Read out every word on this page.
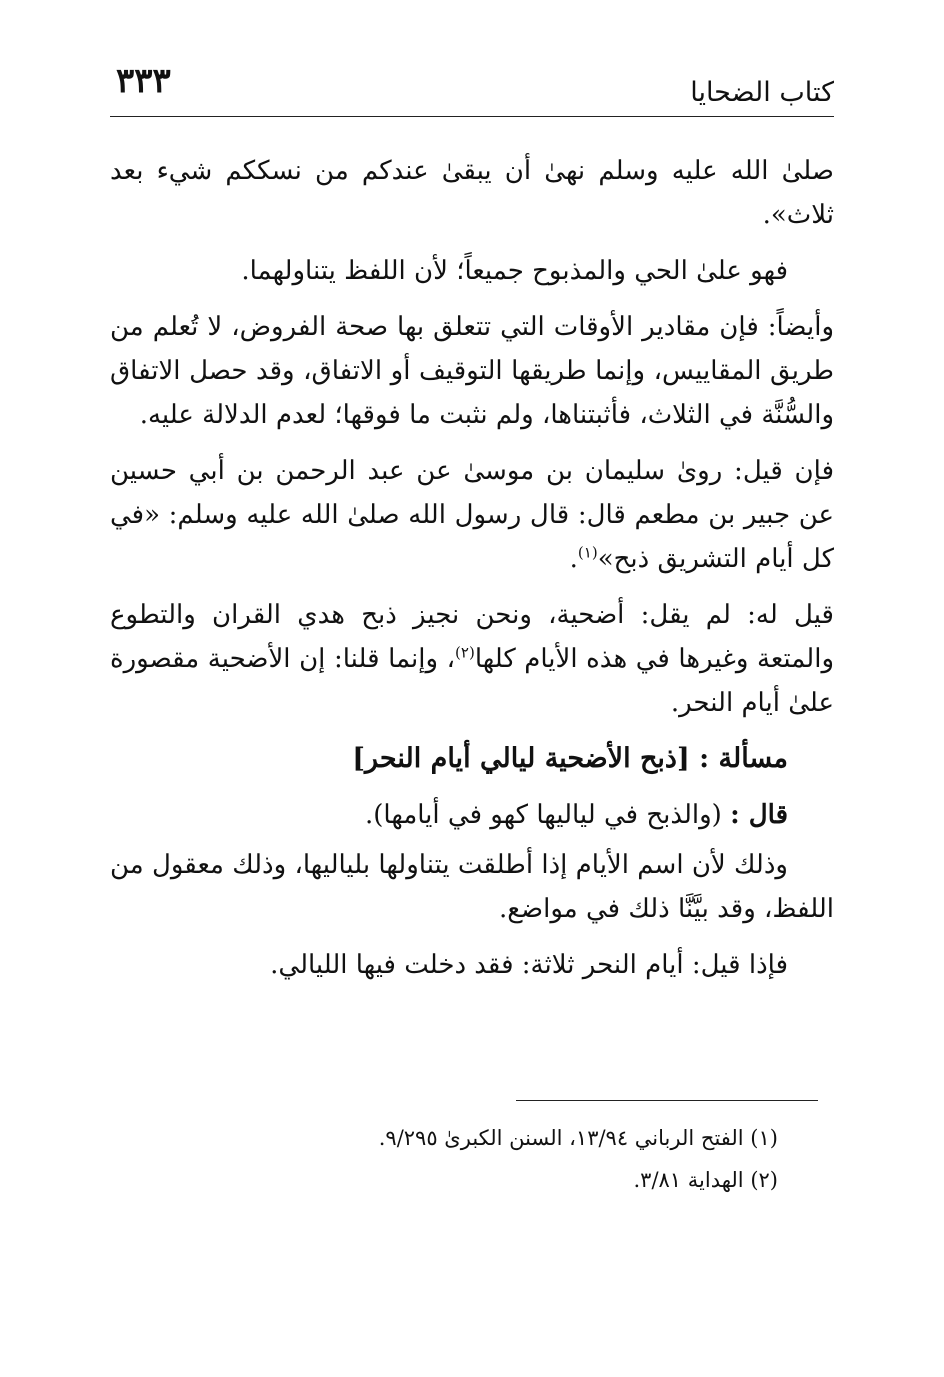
كتاب الضحايا
٣٣٣

صلىٰ الله عليه وسلم نهىٰ أن يبقىٰ عندكم من نسككم شيء بعد ثلاث».

فهو علىٰ الحي والمذبوح جميعاً؛ لأن اللفظ يتناولهما.

وأيضاً: فإن مقادير الأوقات التي تتعلق بها صحة الفروض، لا تُعلم من طريق المقاييس، وإنما طريقها التوقيف أو الاتفاق، وقد حصل الاتفاق والسُّنَّة في الثلاث، فأثبتناها، ولم نثبت ما فوقها؛ لعدم الدلالة عليه.

فإن قيل: روىٰ سليمان بن موسىٰ عن عبد الرحمن بن أبي حسين عن جبير بن مطعم قال: قال رسول الله صلىٰ الله عليه وسلم: «في كل أيام التشريق ذبح»$^{(١)}$.

قيل له: لم يقل: أضحية، ونحن نجيز ذبح هدي القران والتطوع والمتعة وغيرها في هذه الأيام كلها$^{(٢)}$، وإنما قلنا: إن الأضحية مقصورة علىٰ أيام النحر.

مسألة : [ذبح الأضحية ليالي أيام النحر]

قال : (والذبح في لياليها كهو في أيامها).

وذلك لأن اسم الأيام إذا أطلقت يتناولها بلياليها، وذلك معقول من اللفظ، وقد بيَّنَّا ذلك في مواضع.

فإذا قيل: أيام النحر ثلاثة: فقد دخلت فيها الليالي.

(١) الفتح الرباني ١٣/٩٤، السنن الكبرىٰ ٩/٢٩٥.
(٢) الهداية ٣/٨١.
